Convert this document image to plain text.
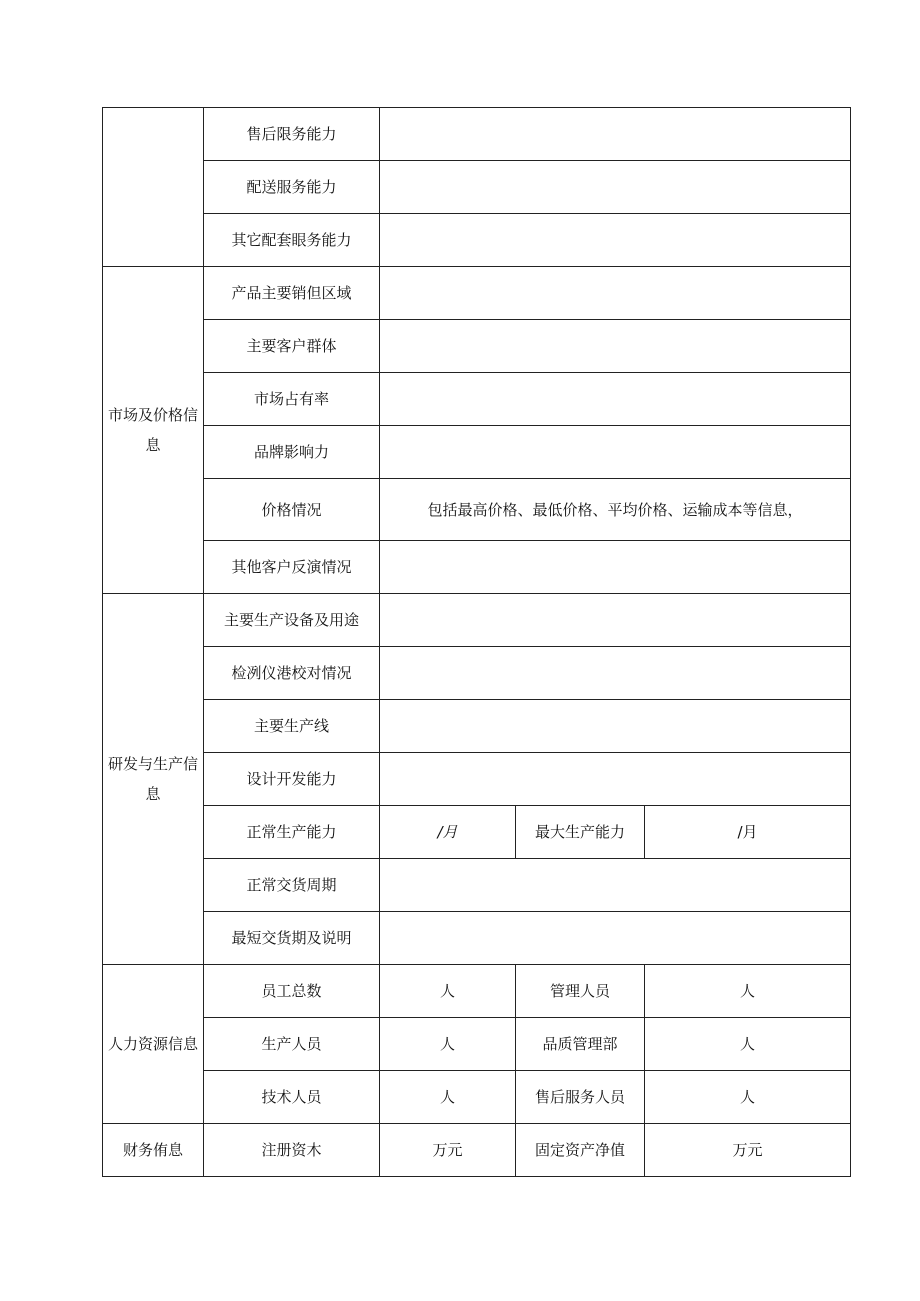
	售后限务能力			
	配送服务能力			
	其它配套眼务能力			
市场及价格信息	产品主要销但区域			
	主要客户群体			
	市场占有率			
	品牌影响力			
	价格情况	包括最高价格、最低价格、平均价格、运输成本等信息，		
	其他客户反演情况			
研发与生产信息	主要生产设备及用途			
	检冽仪港校对情况			
	主要生产线			
	设计开发能力			
	正常生产能力	/月	最大生产能力	/月
	正常交货周期			
	最短交货期及说明			
人力资源信息	员工总数	人	管理人员	人
	生产人员	人	品质管理部	人
	技术人员	人	售后服务人员	人
财务侑息	注册资木	万元	固定资产净值	万元
